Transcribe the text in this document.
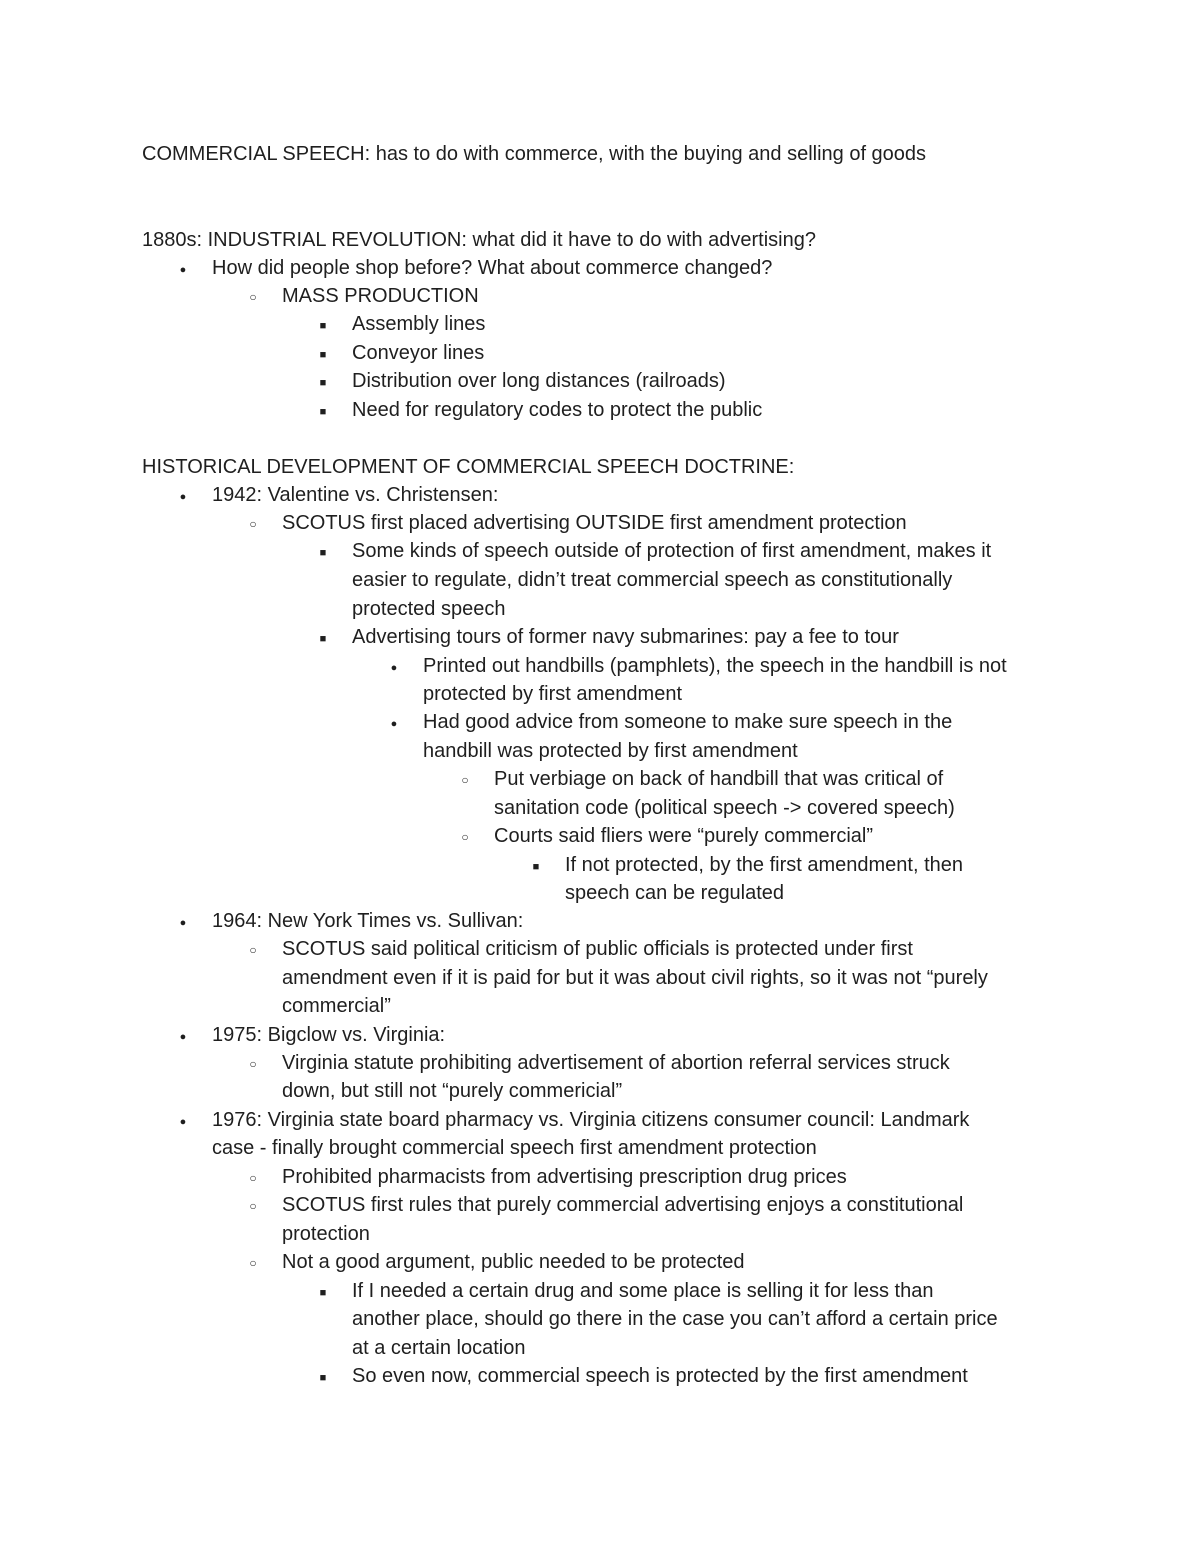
COMMERCIAL SPEECH: has to do with commerce, with the buying and selling of goods
1880s: INDUSTRIAL REVOLUTION: what did it have to do with advertising?
●
How did people shop before? What about commerce changed?
○
MASS PRODUCTION
■
Assembly lines
■
Conveyor lines
■
Distribution over long distances (railroads)
■
Need for regulatory codes to protect the public
HISTORICAL DEVELOPMENT OF COMMERCIAL SPEECH DOCTRINE:
●
1942: Valentine vs. Christensen:
○
SCOTUS first placed advertising OUTSIDE first amendment protection
■
Some kinds of speech outside of protection of first amendment, makes it
easier to regulate, didn’t treat commercial speech as constitutionally
protected speech
■
Advertising tours of former navy submarines: pay a fee to tour
●
Printed out handbills (pamphlets), the speech in the handbill is not
protected by first amendment
●
Had good advice from someone to make sure speech in the
handbill was protected by first amendment
○
Put verbiage on back of handbill that was critical of
sanitation code (political speech -> covered speech)
○
Courts said fliers were “purely commercial”
■
If not protected, by the first amendment, then
speech can be regulated
●
1964: New York Times vs. Sullivan:
○
SCOTUS said political criticism of public officials is protected under first
amendment even if it is paid for but it was about civil rights, so it was not “purely
commercial”
●
1975: Bigclow vs. Virginia:
○
Virginia statute prohibiting advertisement of abortion referral services struck
down, but still not “purely commericial”
●
1976: Virginia state board pharmacy vs. Virginia citizens consumer council: Landmark
case - finally brought commercial speech first amendment protection
○
Prohibited pharmacists from advertising prescription drug prices
○
SCOTUS first rules that purely commercial advertising enjoys a constitutional
protection
○
Not a good argument, public needed to be protected
■
If I needed a certain drug and some place is selling it for less than
another place, should go there in the case you can’t afford a certain price
at a certain location
■
So even now, commercial speech is protected by the first amendment
